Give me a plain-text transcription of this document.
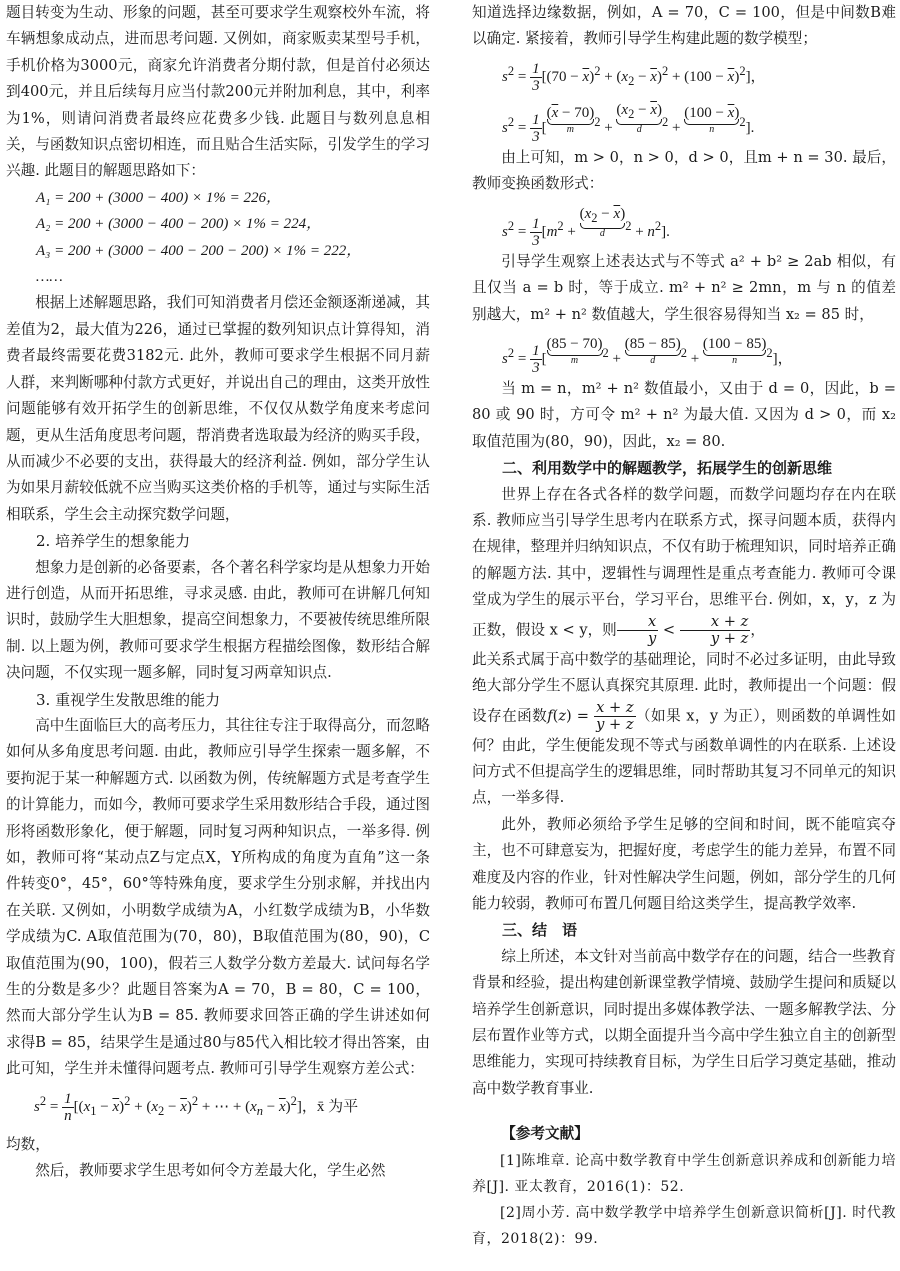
题目转变为生动、形象的问题，甚至可要求学生观察校外车流，将车辆想象成动点，进而思考问题. 又例如，商家贩卖某型号手机，手机价格为3000元，商家允许消费者分期付款，但是首付必须达到400元，并且后续每月应当付款200元并附加利息，其中，利率为1%，则请问消费者最终应花费多少钱. 此题目与数列息息相关，与函数知识点密切相连，而且贴合生活实际，引发学生的学习兴趣. 此题目的解题思路如下：

A₁ = 200 + (3000 − 400) × 1% = 226，
A₂ = 200 + (3000 − 400 − 200) × 1% = 224，
A₃ = 200 + (3000 − 400 − 200 − 200) × 1% = 222，
……

根据上述解题思路，我们可知消费者月偿还金额逐渐递减，其差值为2，最大值为226，通过已掌握的数列知识点计算得知，消费者最终需要花费3182元. 此外，教师可要求学生根据不同月薪人群，来判断哪种付款方式更好，并说出自己的理由，这类开放性问题能够有效开拓学生的创新思维，不仅仅从数学角度来考虑问题，更从生活角度思考问题，帮消费者选取最为经济的购买手段，从而减少不必要的支出，获得最大的经济利益. 例如，部分学生认为如果月薪较低就不应当购买这类价格的手机等，通过与实际生活相联系，学生会主动探究数学问题，

2. 培养学生的想象能力

想象力是创新的必备要素，各个著名科学家均是从想象力开始进行创造，从而开拓思维，寻求灵感. 由此，教师可在讲解几何知识时，鼓励学生大胆想象，提高空间想象力，不要被传统思维所限制. 以上题为例，教师可要求学生根据方程描绘图像，数形结合解决问题，不仅实现一题多解，同时复习两章知识点.

3. 重视学生发散思维的能力

高中生面临巨大的高考压力，其往往专注于取得高分，而忽略如何从多角度思考问题. 由此，教师应引导学生探索一题多解，不要拘泥于某一种解题方式. 以函数为例，传统解题方式是考查学生的计算能力，而如今，教师可要求学生采用数形结合手段，通过图形将函数形象化，便于解题，同时复习两种知识点，一举多得. 例如，教师可将“某动点Z与定点X，Y所构成的角度为直角”这一条件转变0°，45°，60°等特殊角度，要求学生分别求解，并找出内在关联. 又例如，小明数学成绩为A，小红数学成绩为B，小华数学成绩为C. A取值范围为(70，80)，B取值范围为(80，90)，C取值范围为(90，100)，假若三人数学分数方差最大. 试问每名学生的分数是多少？此题目答案为A = 70，B = 80，C = 100，然而大部分学生认为B = 85. 教师要求回答正确的学生讲述如何求得B = 85，结果学生是通过80与85代入相比较才得出答案，由此可知，学生并未懂得问题考点. 教师可引导学生观察方差公式：

$s^2 = \frac{1}{n} [(x_1 - \overline{x})^2 + (x_2 - \overline{x})^2$ + ⋯ + $(x_n - \overline{x})^2$]，x̄ 为平

均数，

然后，教师要求学生思考如何令方差最大化，学生必然

知道选择边缘数据，例如，A = 70，C = 100，但是中间数B难以确定. 紧接着，教师引导学生构建此题的数学模型；

$s^2 = \frac{1}{3} [(70 - \overline{x})^2 + (x_2 - \overline{x})^2 + (100 - \overline{x})^2]$，
$s^2 = \frac{1}{3} [(\overline{x} - 70)$
m
$^2 + (x_2 - \overline{x})$
d
$^2 + (100 - \overline{x})$
n
$^2$].

由上可知，m > 0，n > 0，d > 0，且m + n = 30. 最后，教师变换函数形式：

$s^2 = \frac{1}{3} [m^2 + (x_2 - \overline{x})$
d
$^2 + n^2$].

引导学生观察上述表达式与不等式 a² + b² ≥ 2ab 相似，有且仅当 a = b 时，等于成立. m² + n² ≥ 2mn，m 与 n 的值差别越大，m² + n² 数值越大，学生很容易得知当 x₂ = 85 时，

$s^2 = \frac{1}{3} [(85 - 70)$
m
$^2$ + (85 − 85)
d
$^2$ + (100 − 85)
n
$^2$]，

当 m = n，m² + n² 数值最小，又由于 d = 0，因此，b = 80 或 90 时，方可令 m² + n² 为最大值. 又因为 d > 0，而 x₂ 取值范围为(80，90)，因此，x₂ = 80.

二、利用数学中的解题教学，拓展学生的创新思维

世界上存在各式各样的数学问题，而数学问题均存在内在联系. 教师应当引导学生思考内在联系方式，探寻问题本质，获得内在规律，整理并归纳知识点，不仅有助于梳理知识，同时培养正确的解题方法. 其中，逻辑性与调理性是重点考查能力. 教师可令课堂成为学生的展示平台，学习平台，思维平台. 例如，x，y，z 为正数，假设 x < y，则 $\frac{x}{y} < \frac{x + z}{y + z}$ ，

此关系式属于高中数学的基础理论，同时不必过多证明，由此导致绝大部分学生不愿认真探究其原理. 此时，教师提出一个问题：假设存在函数$f(z) = \frac{x + z}{y + z}$ （如果 x，y 为正），则函数的单调性如何？由此，学生便能发现不等式与函数单调性的内在联系. 上述设问方式不但提高学生的逻辑思维，同时帮助其复习不同单元的知识点，一举多得.

此外，教师必须给予学生足够的空间和时间，既不能喧宾夺主，也不可肆意妄为，把握好度，考虑学生的能力差异，布置不同难度及内容的作业，针对性解决学生问题，例如，部分学生的几何能力较弱，教师可布置几何题目给这类学生，提高教学效率.

三、结　语

综上所述，本文针对当前高中数学存在的问题，结合一些教育背景和经验，提出构建创新课堂教学情境、鼓励学生提问和质疑以培养学生创新意识，同时提出多媒体教学法、一题多解教学法、分层布置作业等方式，以期全面提升当今高中学生独立自主的创新型思维能力，实现可持续教育目标，为学生日后学习奠定基础，推动高中数学教育事业.

【参考文献】
[1]陈堆章. 论高中数学教育中学生创新意识养成和创新能力培养[J]. 亚太教育，2016(1)：52.
[2]周小芳. 高中数学教学中培养学生创新意识简析[J]. 时代教育，2018(2)：99.
